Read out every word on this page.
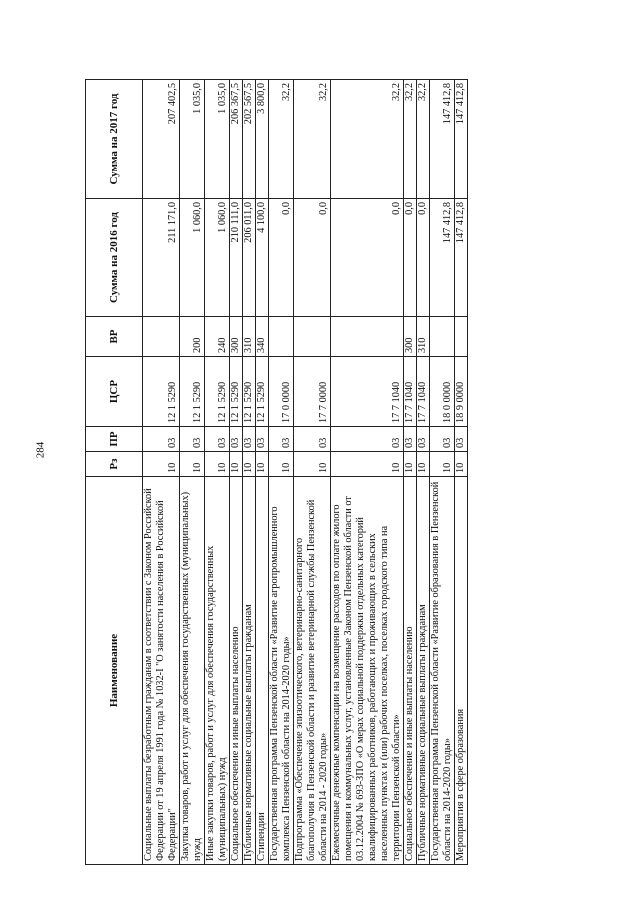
284
Наименование	Рз	ПР	ЦСР	ВР	Сумма на 2016 год	Сумма на 2017 год
Социальные выплаты безработным гражданам в соответствии с Законом Российской Федерации от 19 апреля 1991 года № 1032-I "О занятости населения в Российской Федерации"	10	03	12 1 5290		211 171,0	207 402,5
Закупка товаров, работ и услуг для обеспечения государственных (муниципальных) нужд	10	03	12 1 5290	200	1 060,0	1 035,0
Иные закупки товаров, работ и услуг для обеспечения государственных (муниципальных) нужд	10	03	12 1 5290	240	1 060,0	1 035,0
Социальное обеспечение и иные выплаты населению	10	03	12 1 5290	300	210 111,0	206 367,5
Публичные нормативные социальные выплаты гражданам	10	03	12 1 5290	310	206 011,0	202 567,5
Стипендии	10	03	12 1 5290	340	4 100,0	3 800,0
Государственная программа Пензенской области «Развитие агропромышленного комплекса Пензенской области на 2014-2020 годы»	10	03	17 0 0000		0,0	32,2
Подпрограмма «Обеспечение эпизоотического, ветеринарно-санитарного благополучия в Пензенской области и развитие ветеринарной службы Пензенской области на 2014 - 2020 годы»	10	03	17 7 0000		0,0	32,2
Ежемесячные денежные компенсации на возмещение расходов по оплате жилого помещения и коммунальных услуг, установленные Законом Пензенской области от 03.12.2004 № 693-ЗПО «О мерах социальной поддержки отдельных категорий квалифицированных работников, работающих и проживающих в сельских населенных пунктах и (или) рабочих поселках, поселках городского типа на территории Пензенской области»	10	03	17 7 1040		0,0	32,2
Социальное обеспечение и иные выплаты населению	10	03	17 7 1040	300	0,0	32,2
Публичные нормативные социальные выплаты гражданам	10	03	17 7 1040	310	0,0	32,2
Государственная программа Пензенской области «Развитие образования в Пензенской области на 2014-2020 годы»	10	03	18 0 0000		147 412,8	147 412,8
Мероприятия в сфере образования	10	03	18 9 0000		147 412,8	147 412,8
